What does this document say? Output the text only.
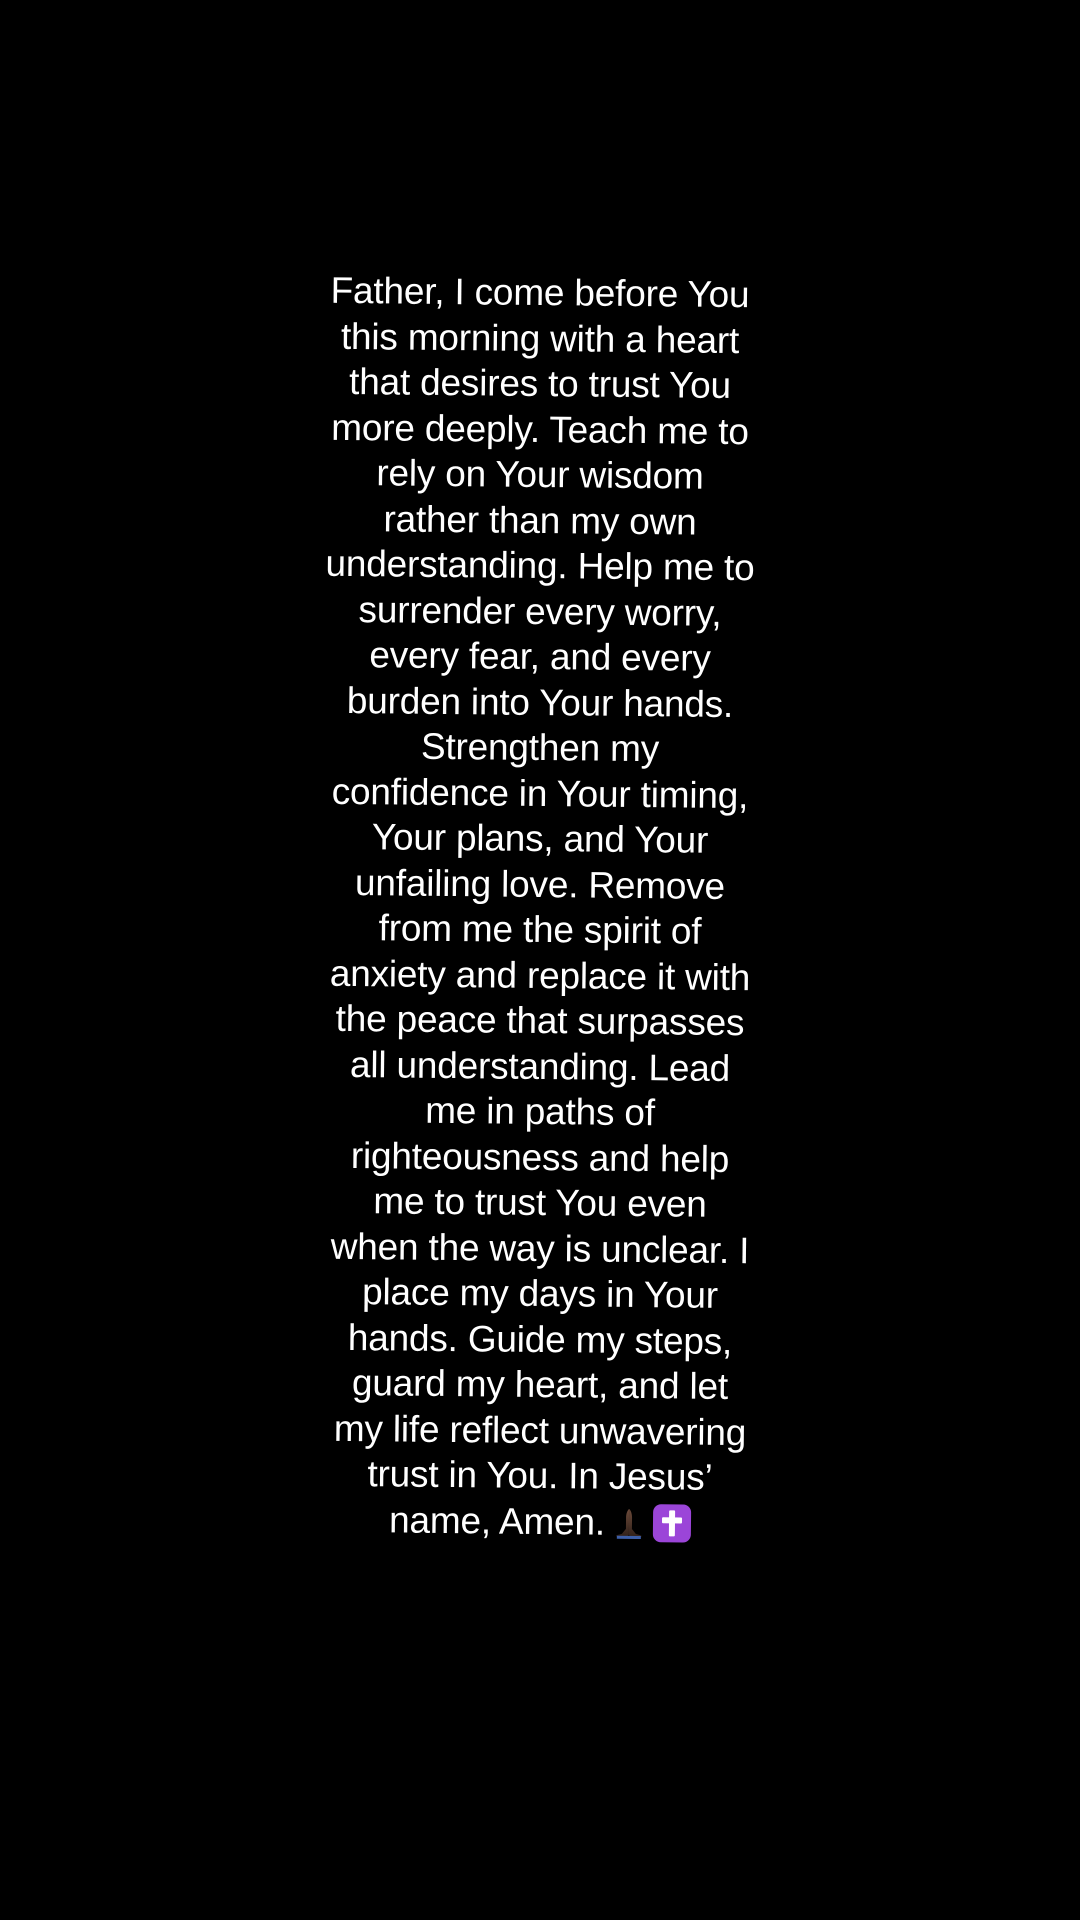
Father, I come before You
this morning with a heart
that desires to trust You
more deeply. Teach me to
rely on Your wisdom
rather than my own
understanding. Help me to
surrender every worry,
every fear, and every
burden into Your hands.
Strengthen my
confidence in Your timing,
Your plans, and Your
unfailing love. Remove
from me the spirit of
anxiety and replace it with
the peace that surpasses
all understanding. Lead
me in paths of
righteousness and help
me to trust You even
when the way is unclear. I
place my days in Your
hands. Guide my steps,
guard my heart, and let
my life reflect unwavering
trust in You. In Jesus’
name, Amen.
